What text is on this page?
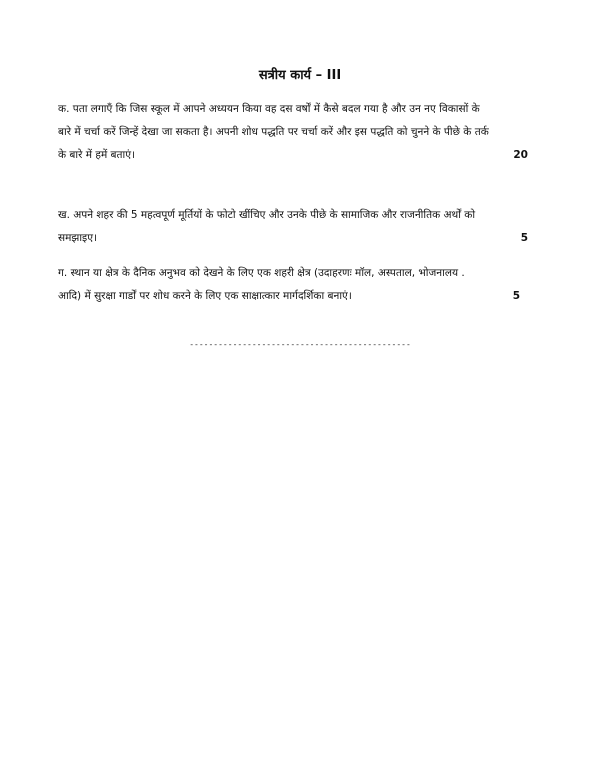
सत्रीय कार्य – III
क. पता लगाएँ कि जिस स्कूल में आपने अध्ययन किया वह दस वर्षों में कैसे बदल गया है और उन नए विकासों के बारे में चर्चा करें जिन्हें देखा जा सकता है। अपनी शोध पद्धति पर चर्चा करें और इस पद्धति को चुनने के पीछे के तर्क के बारे में हमें बताएं।	20
ख. अपने शहर की 5 महत्वपूर्ण मूर्तियों के फोटो खींचिए और उनके पीछे के सामाजिक और राजनीतिक अर्थों को समझाइए।	5
ग. स्थान या क्षेत्र के दैनिक अनुभव को देखने के लिए एक शहरी क्षेत्र (उदाहरणः मॉल, अस्पताल, भोजनालय . आदि) में सुरक्षा गार्डों पर शोध करने के लिए एक साक्षात्कार मार्गदर्शिका बनाएं।	5
----------------------------------------------
